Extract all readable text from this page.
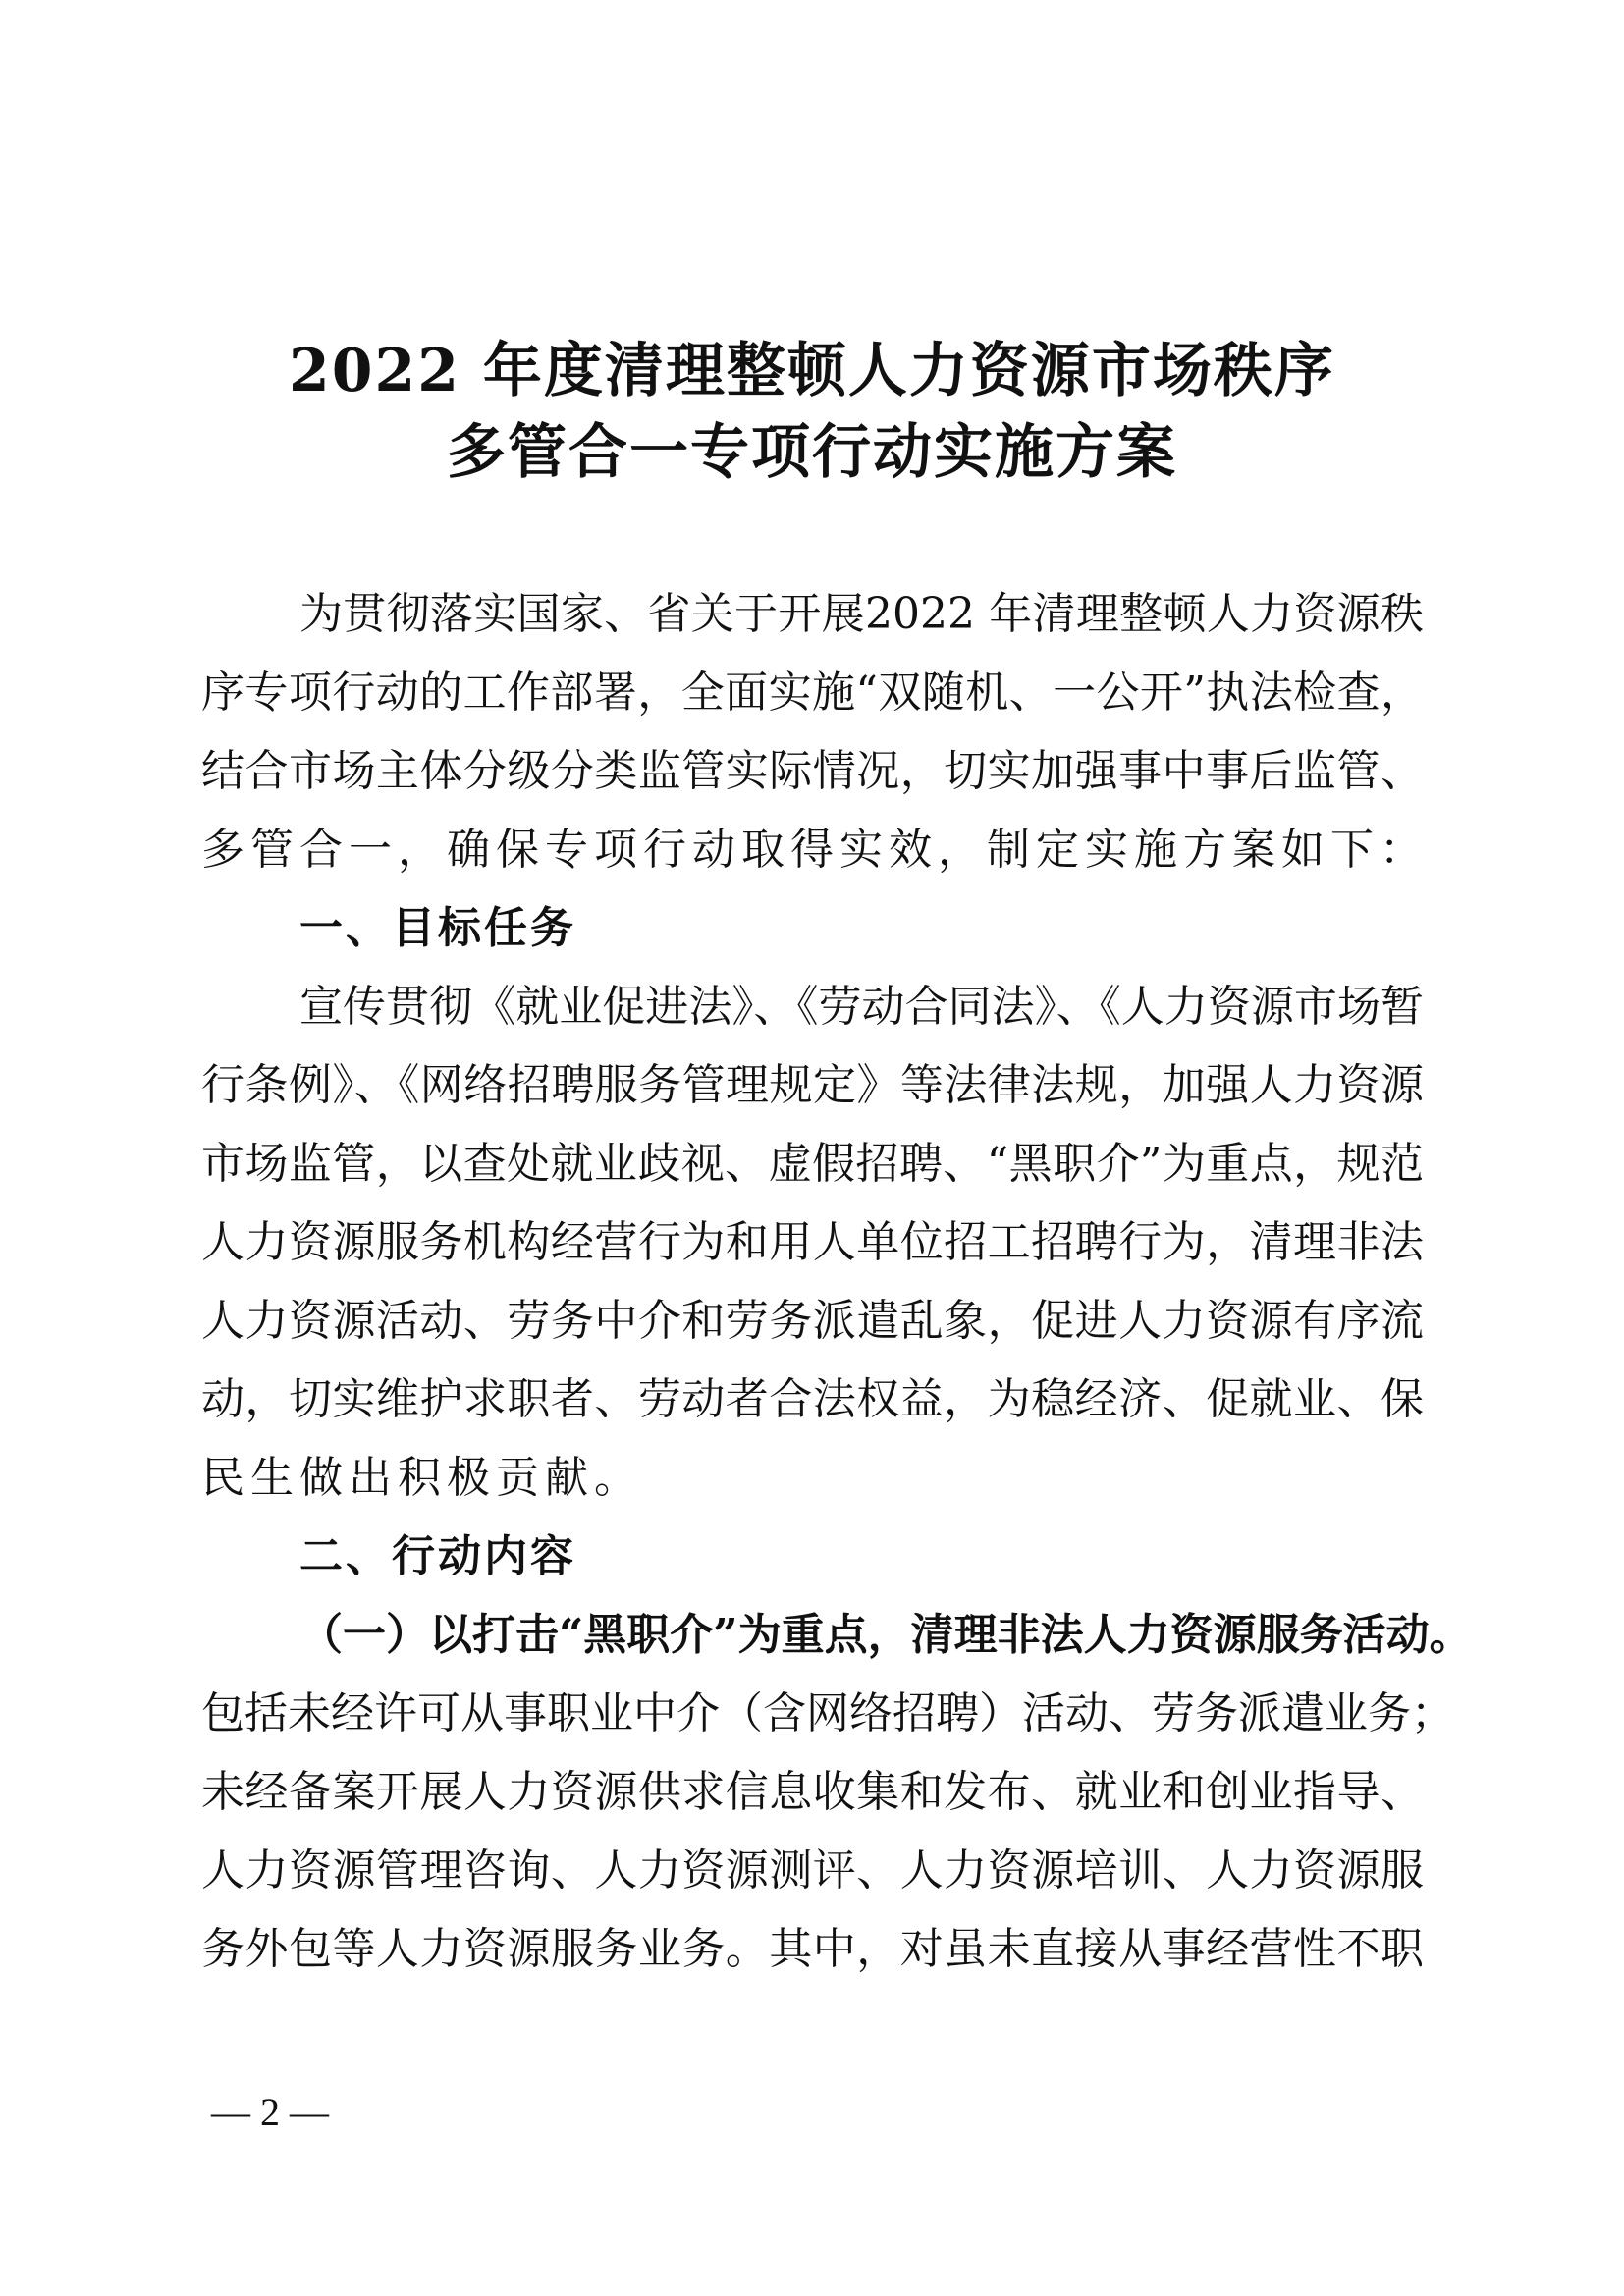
2022 年度清理整顿人力资源市场秩序
多管合一专项行动实施方案
为贯彻落实国家、省关于开展2022 年清理整顿人力资源秩
序专项行动的工作部署，全面实施“双随机、一公开”执法检查，
结合市场主体分级分类监管实际情况，切实加强事中事后监管、
多管合一，确保专项行动取得实效，制定实施方案如下：
一、目标任务
宣传贯彻《就业促进法》、《劳动合同法》、《人力资源市场暂
行条例》、《网络招聘服务管理规定》等法律法规，加强人力资源
市场监管，以查处就业歧视、虚假招聘、“黑职介”为重点，规范
人力资源服务机构经营行为和用人单位招工招聘行为，清理非法
人力资源活动、劳务中介和劳务派遣乱象，促进人力资源有序流
动，切实维护求职者、劳动者合法权益，为稳经济、促就业、保
民生做出积极贡献。
二、行动内容
（一）以打击“黑职介”为重点，清理非法人力资源服务活动。
包括未经许可从事职业中介（含网络招聘）活动、劳务派遣业务；
未经备案开展人力资源供求信息收集和发布、就业和创业指导、
人力资源管理咨询、人力资源测评、人力资源培训、人力资源服
务外包等人力资源服务业务。其中，对虽未直接从事经营性不职
— 2 —
